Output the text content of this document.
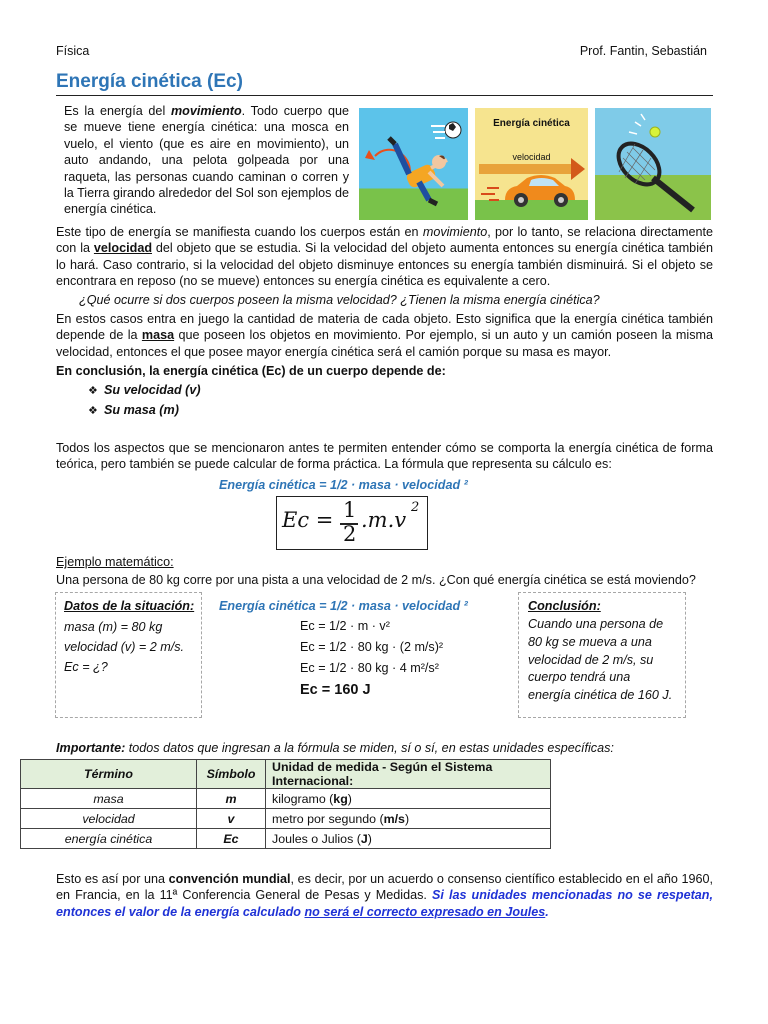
Física	Prof. Fantin, Sebastián
Energía cinética (Ec)

Es la energía del movimiento. Todo cuerpo que se mueve tiene energía cinética: una mosca en vuelo, el viento (que es aire en movimiento), un auto andando, una pelota golpeada por una raqueta, las personas cuando caminan o corren y la Tierra girando alrededor del Sol son ejemplos de energía cinética.

Energía cinética
velocidad

Este tipo de energía se manifiesta cuando los cuerpos están en movimiento, por lo tanto, se relaciona directamente con la velocidad del objeto que se estudia. Si la velocidad del objeto aumenta entonces su energía cinética también lo hará. Caso contrario, si la velocidad del objeto disminuye entonces su energía también disminuirá. Si el objeto se encontrara en reposo (no se mueve) entonces su energía cinética es equivalente a cero.

¿Qué ocurre si dos cuerpos poseen la misma velocidad? ¿Tienen la misma energía cinética?

En estos casos entra en juego la cantidad de materia de cada objeto. Esto significa que la energía cinética también depende de la masa que poseen los objetos en movimiento. Por ejemplo, si un auto y un camión poseen la misma velocidad, entonces el que posee mayor energía cinética será el camión porque su masa es mayor.

En conclusión, la energía cinética (Ec) de un cuerpo depende de:
❖ Su velocidad (v)
❖ Su masa (m)

Todos los aspectos que se mencionaron antes te permiten entender cómo se comporta la energía cinética de forma teórica, pero también se puede calcular de forma práctica. La fórmula que representa su cálculo es:

Energía cinética = 1/2 · masa · velocidad ²
Ec = 1
2
.m.v
2
Ejemplo matemático:
Una persona de 80 kg corre por una pista a una velocidad de 2 m/s. ¿Con qué energía cinética se está moviendo?
Datos de la situación:
masa (m) = 80 kg
velocidad (v) = 2 m/s.
Ec = ¿?
Energía cinética = 1/2 · masa · velocidad ²
Ec = 1/2 · m · v²
Ec = 1/2 · 80 kg · (2 m/s)²
Ec = 1/2 · 80 kg · 4 m²/s²
Ec = 160 J
Conclusión:
Cuando una persona de 80 kg se mueva a una velocidad de 2 m/s, su cuerpo tendrá una energía cinética de 160 J.
Importante: todos datos que ingresan a la fórmula se miden, sí o sí, en estas unidades específicas:
Término	Símbolo	Unidad de medida - Según el Sistema Internacional:
masa	m	kilogramo (kg)
velocidad	v	metro por segundo (m/s)
energía cinética	Ec	Joules o Julios (J)

Esto es así por una convención mundial, es decir, por un acuerdo o consenso científico establecido en el año 1960, en Francia, en la 11ª Conferencia General de Pesas y Medidas. Si las unidades mencionadas no se respetan, entonces el valor de la energía calculado no será el correcto expresado en Joules.
